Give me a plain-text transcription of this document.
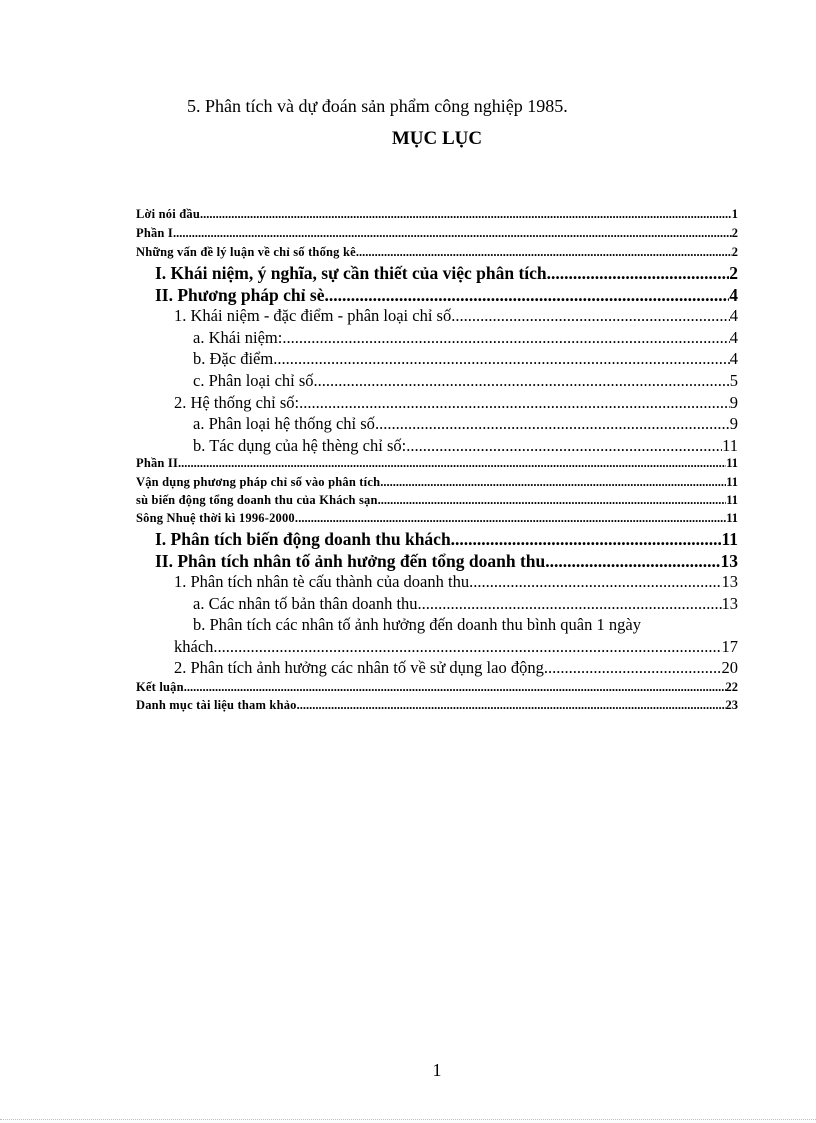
5. Phân tích và dự đoán sản phẩm công nghiệp 1985.
MỤC LỤC
Lời nói đầu .....	1
Phần I .....	2
Những vấn đề lý luận về chỉ số thống kê .....	2
I. Khái niệm, ý nghĩa, sự cần thiết của việc phân tích .....	2
II. Phương pháp chỉ sè .....	4
1. Khái niệm - đặc điểm - phân loại chỉ số .....	4
a. Khái niệm: .....	4
b. Đặc điểm .....	4
c. Phân loại chỉ số .....	5
2. Hệ thống chỉ số: .....	9
a. Phân loại hệ thống chỉ số .....	9
b. Tác dụng của hệ thèng chỉ số: .....	11
Phần II .....	11
Vận dụng phương pháp chỉ số vào phân tích .....	11
sù biến động tổng doanh thu của Khách sạn .....	11
Sông Nhuệ thời kì 1996-2000. .....	11
I. Phân tích biến động doanh thu khách .....	11
II. Phân tích nhân tố ảnh hưởng đến tổng doanh thu .....	13
1. Phân tích nhân tè cấu thành của doanh thu .....	13
a. Các nhân tố bản thân doanh thu. .....	13
b. Phân tích các nhân tố ảnh hưởng đến doanh thu bình quân 1 ngày
khách. .....	17
2. Phân tích ảnh hưởng các nhân tố về sử dụng lao động. .....	20
Kết luận .....	22
Danh mục tài liệu tham khảo .....	23
1
